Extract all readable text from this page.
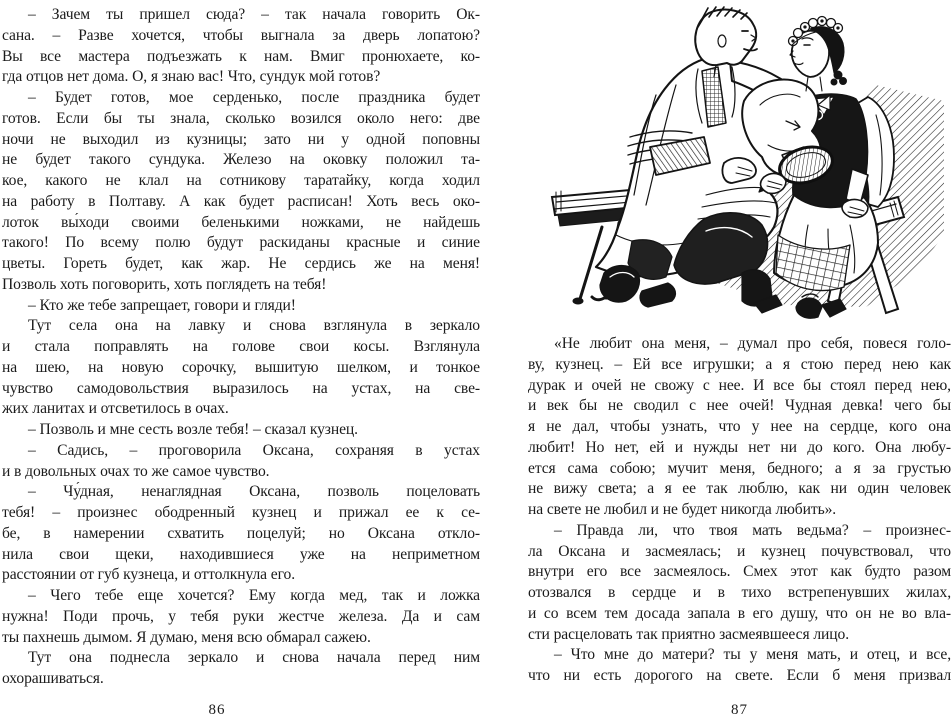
– Зачем ты пришел сюда? – так начала говорить Ок-
сана. – Разве хочется, чтобы выгнала за дверь лопатою?
Вы все мастера подъезжать к нам. Вмиг пронюхаете, ко-
гда отцов нет дома. О, я знаю вас! Что, сундук мой готов?
– Будет готов, мое серденько, после праздника будет
готов. Если бы ты знала, сколько возился около него: две
ночи не выходил из кузницы; зато ни у одной поповны
не будет такого сундука. Железо на оковку положил та-
кое, какого не клал на сотникову таратайку, когда ходил
на работу в Полтаву. А как будет расписан! Хоть весь око-
лоток вы́ходи своими беленькими ножками, не найдешь
такого! По всему полю будут раскиданы красные и синие
цветы. Гореть будет, как жар. Не сердись же на меня!
Позволь хоть поговорить, хоть поглядеть на тебя!
– Кто же тебе запрещает, говори и гляди!
Тут села она на лавку и снова взглянула в зеркало
и стала поправлять на голове свои косы. Взглянула
на шею, на новую сорочку, вышитую шелком, и тонкое
чувство самодовольствия выразилось на устах, на све-
жих ланитах и отсветилось в очах.
– Позволь и мне сесть возле тебя! – сказал кузнец.
– Садись, – проговорила Оксана, сохраняя в устах
и в довольных очах то же самое чувство.
– Чу́дная, ненаглядная Оксана, позволь поцеловать
тебя! – произнес ободренный кузнец и прижал ее к се-
бе, в намерении схватить поцелуй; но Оксана откло-
нила свои щеки, находившиеся уже на неприметном
расстоянии от губ кузнеца, и оттолкнула его.
– Чего тебе еще хочется? Ему когда мед, так и ложка
нужна! Поди прочь, у тебя руки жестче железа. Да и сам
ты пахнешь дымом. Я думаю, меня всю обмарал сажею.
Тут она поднесла зеркало и снова начала перед ним
охорашиваться.
86
«Не любит она меня, – думал про себя, повеся голо-
ву, кузнец. – Ей все игрушки; а я стою перед нею как
дурак и очей не свожу с нее. И все бы стоял перед нею,
и век бы не сводил с нее очей! Чудная девка! чего бы
я не дал, чтобы узнать, что у нее на сердце, кого она
любит! Но нет, ей и нужды нет ни до кого. Она любу-
ется сама собою; мучит меня, бедного; а я за грустью
не вижу света; а я ее так люблю, как ни один человек
на свете не любил и не будет никогда любить».
– Правда ли, что твоя мать ведьма? – произнес-
ла Оксана и засмеялась; и кузнец почувствовал, что
внутри его все засмеялось. Смех этот как будто разом
отозвался в сердце и в тихо встрепенувших жилах,
и со всем тем досада запала в его душу, что он не во вла-
сти расцеловать так приятно засмеявшееся лицо.
– Что мне до матери? ты у меня мать, и отец, и все,
что ни есть дорогого на свете. Если б меня призвал
87
